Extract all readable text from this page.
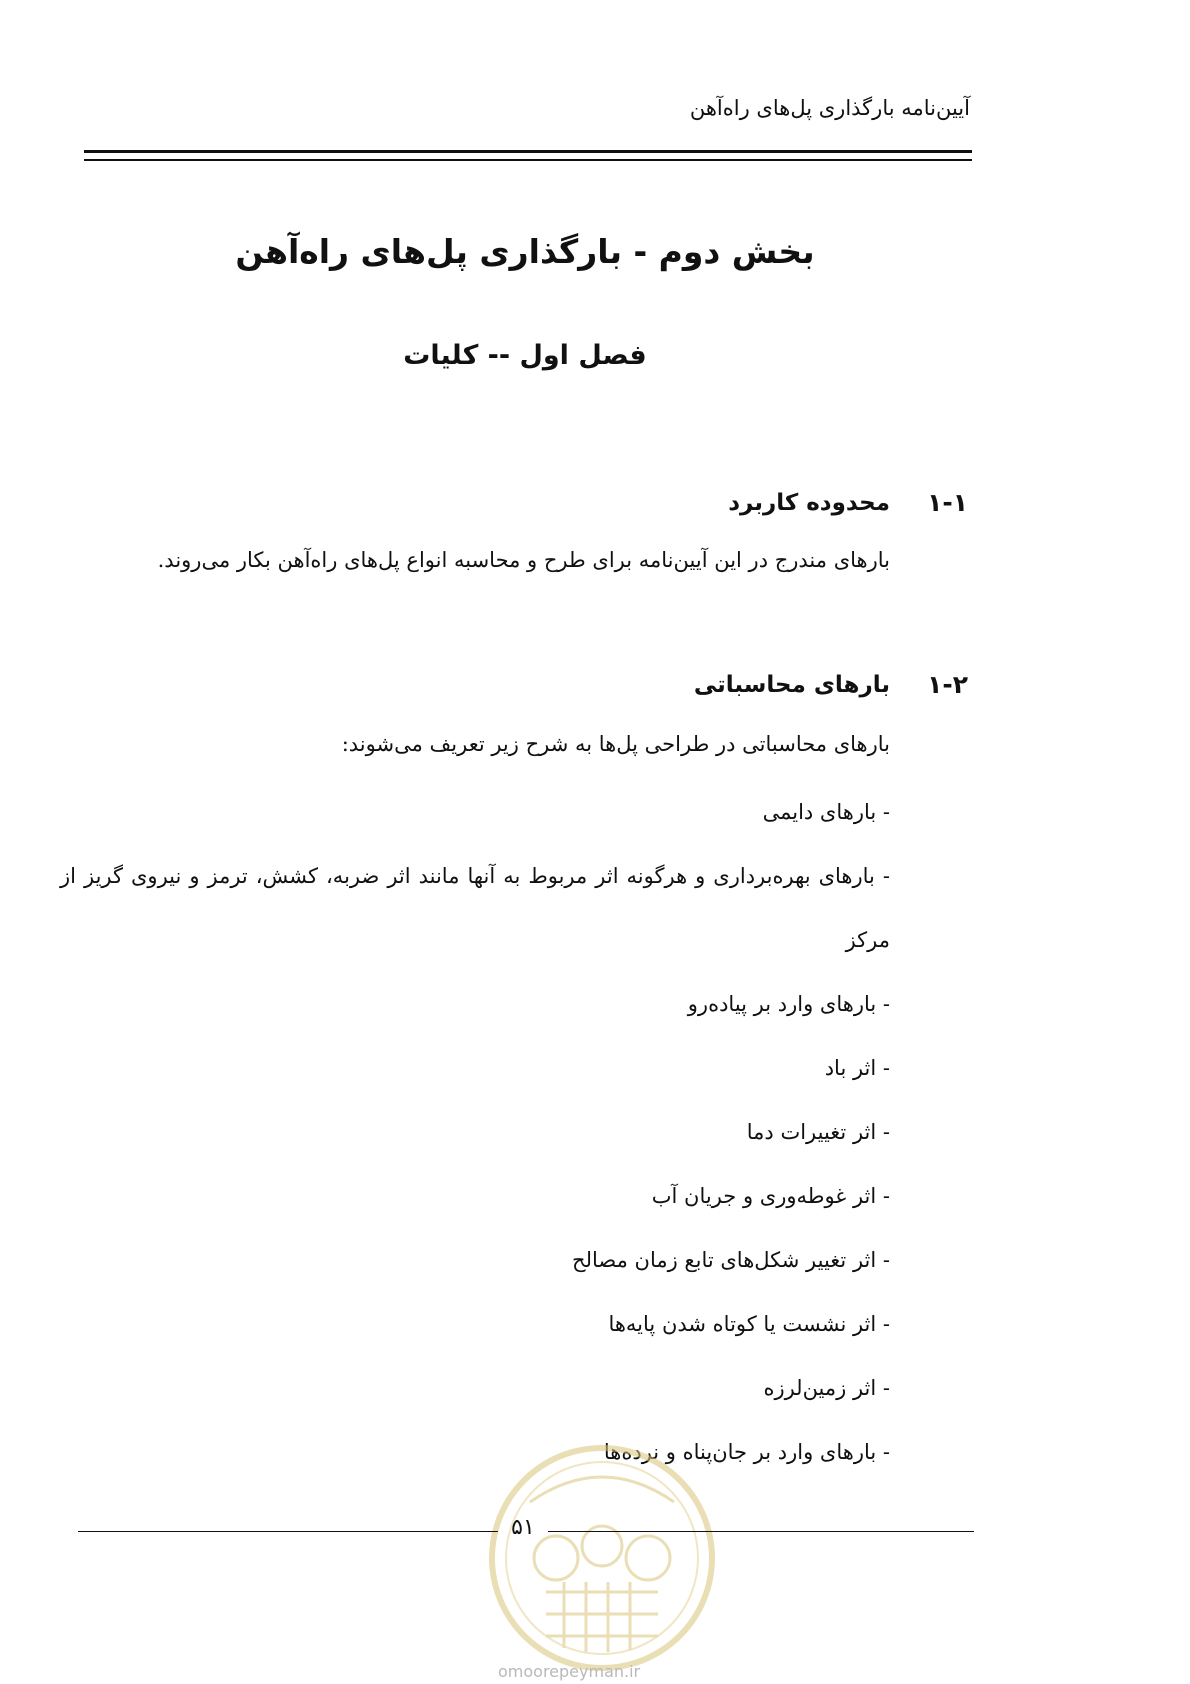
آیین‌نامه بارگذاری پل‌های راه‌آهن
بخش دوم - بارگذاری پل‌های راه‌آهن
فصل اول -- کلیات
۱-۱
محدوده کاربرد
بارهای مندرج در این آیین‌نامه برای طرح و محاسبه انواع پل‌های راه‌آهن بکار می‌روند.
۱-۲
بارهای محاسباتی
بارهای محاسباتی در طراحی پل‌ها به شرح زیر تعریف می‌شوند:
- بارهای دایمی
- بارهای بهره‌برداری و هرگونه اثر مربوط به آنها مانند اثر ضربه، کشش، ترمز و نیروی گریز از مرکز
- بارهای وارد بر پیاده‌رو
- اثر باد
- اثر تغییرات دما
- اثر غوطه‌وری و جریان آب
- اثر تغییر شکل‌های تابع زمان مصالح
- اثر نشست یا کوتاه شدن پایه‌ها
- اثر زمین‌لرزه
- بارهای وارد بر جان‌پناه و نرده‌ها
۵۱
omoorepeyman.ir
